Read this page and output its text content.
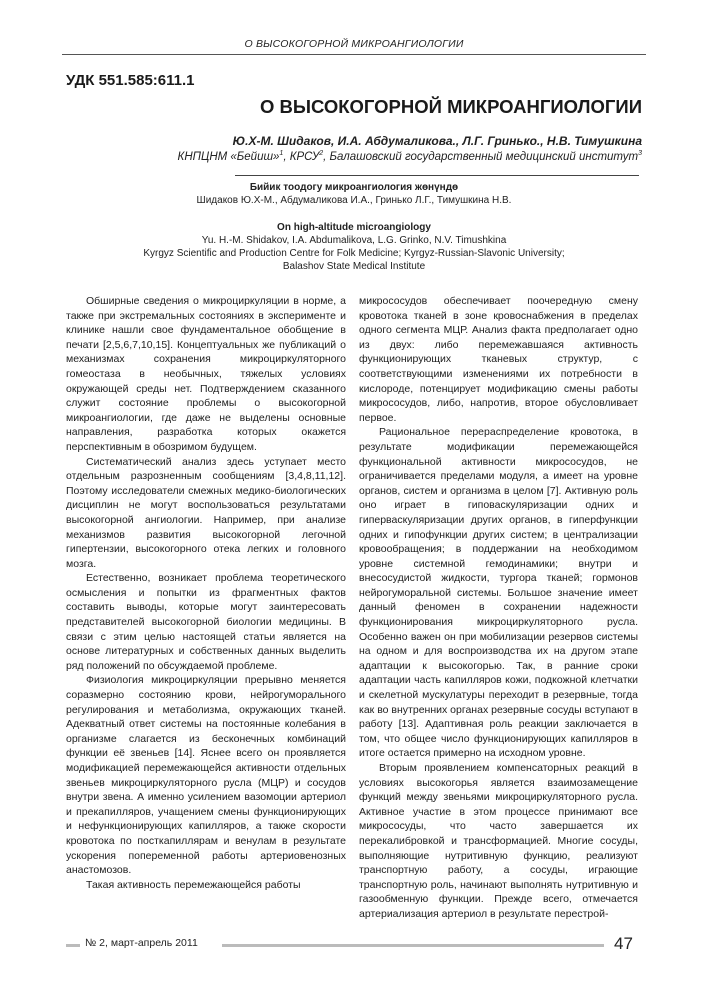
О ВЫСОКОГОРНОЙ МИКРОАНГИОЛОГИИ
УДК 551.585:611.1
О ВЫСОКОГОРНОЙ МИКРОАНГИОЛОГИИ
Ю.Х-М. Шидаков, И.А. Абдумаликова., Л.Г. Гринько., Н.В. Тимушкина
КНПЦНМ «Бейиш»$^1$, КРСУ$^2$, Балашовский государственный медицинский институт$^3$
Бийик тоодогу микроангиология жөнүндө
Шидаков Ю.Х-М., Абдумаликова И.А., Гринько Л.Г., Тимушкина Н.В.
On high-altitude microangiology
Yu. H.-M. Shidakov, I.A. Abdumalikova, L.G. Grinko, N.V. Timushkina
Kyrgyz Scientific and Production Centre for Folk Medicine; Kyrgyz-Russian-Slavonic University;
Balashov State Medical Institute

Обширные сведения о микроциркуляции в норме, а также при экстремальных состояниях в эксперименте и клинике нашли свое фундаментальное обобщение в печати [2,5,6,7,10,15]. Концептуальных же публикаций о механизмах сохранения микроциркуляторного гомеостаза в необычных, тяжелых условиях окружающей среды нет. Подтверждением сказанного служит состояние проблемы о высокогорной микроангиологии, где даже не выделены основные направления, разработка которых окажется перспективным в обозримом будущем.

Систематический анализ здесь уступает место отдельным разрозненным сообщениям [3,4,8,11,12]. Поэтому исследователи смежных медико-биологических дисциплин не могут воспользоваться результатами высокогорной ангиологии. Например, при анализе механизмов развития высокогорной легочной гипертензии, высокогорного отека легких и головного мозга.

Естественно, возникает проблема теоретического осмысления и попытки из фрагментных фактов составить выводы, которые могут заинтересовать представителей высокогорной биологии медицины. В связи с этим целью настоящей статьи является на основе литературных и собственных данных выделить ряд положений по обсуждаемой проблеме.

Физиология микроциркуляции прерывно меняется соразмерно состоянию крови, нейрогуморального регулирования и метаболизма, окружающих тканей. Адекватный ответ системы на постоянные колебания в организме слагается из бесконечных комбинаций функции её звеньев [14]. Яснее всего он проявляется модификацией перемежающейся активности отдельных звеньев микроциркуляторного русла (МЦР) и сосудов внутри звена. А именно усилением вазомоции артериол и прекапилляров, учащением смены функционирующих и нефункционирующих капилляров, а также скорости кровотока по посткапиллярам и венулам в результате ускорения попеременной работы артериовенозных анастомозов.

Такая активность перемежающейся работы

микрососудов обеспечивает поочередную смену кровотока тканей в зоне кровоснабжения в пределах одного сегмента МЦР. Анализ факта предполагает одно из двух: либо перемежавшаяся активность функционирующих тканевых структур, с соответствующими изменениями их потребности в кислороде, потенцирует модификацию смены работы микрососудов, либо, напротив, второе обусловливает первое.

Рациональное перераспределение кровотока, в результате модификации перемежающейся функциональной активности микрососудов, не ограничивается пределами модуля, а имеет на уровне органов, систем и организма в целом [7]. Активную роль оно играет в гиповаскуляризации одних и гиперваскуляризации других органов, в гиперфункции одних и гипофункции других систем; в централизации кровообращения; в поддержании на необходимом уровне системной гемодинамики; внутри и внесосудистой жидкости, тургора тканей; гормонов нейрогуморальной системы. Большое значение имеет данный феномен в сохранении надежности функционирования микроциркуляторного русла. Особенно важен он при мобилизации резервов системы на одном и для воспроизводства их на другом этапе адаптации к высокогорью. Так, в ранние сроки адаптации часть капилляров кожи, подкожной клетчатки и скелетной мускулатуры переходит в резервные, тогда как во внутренних органах резервные сосуды вступают в работу [13]. Адаптивная роль реакции заключается в том, что общее число функционирующих капилляров в итоге остается примерно на исходном уровне.

Вторым проявлением компенсаторных реакций в условиях высокогорья является взаимозамещение функций между звеньями микроциркуляторного русла. Активное участие в этом процессе принимают все микрососуды, что часто завершается их перекалибровкой и трансформацией. Многие сосуды, выполняющие нутритивную функцию, реализуют транспортную работу, а сосуды, играющие транспортную роль, начинают выполнять нутритивную и газообменную функции. Прежде всего, отмечается артериализация артериол в результате перестрой-

№ 2, март-апрель 2011	47
